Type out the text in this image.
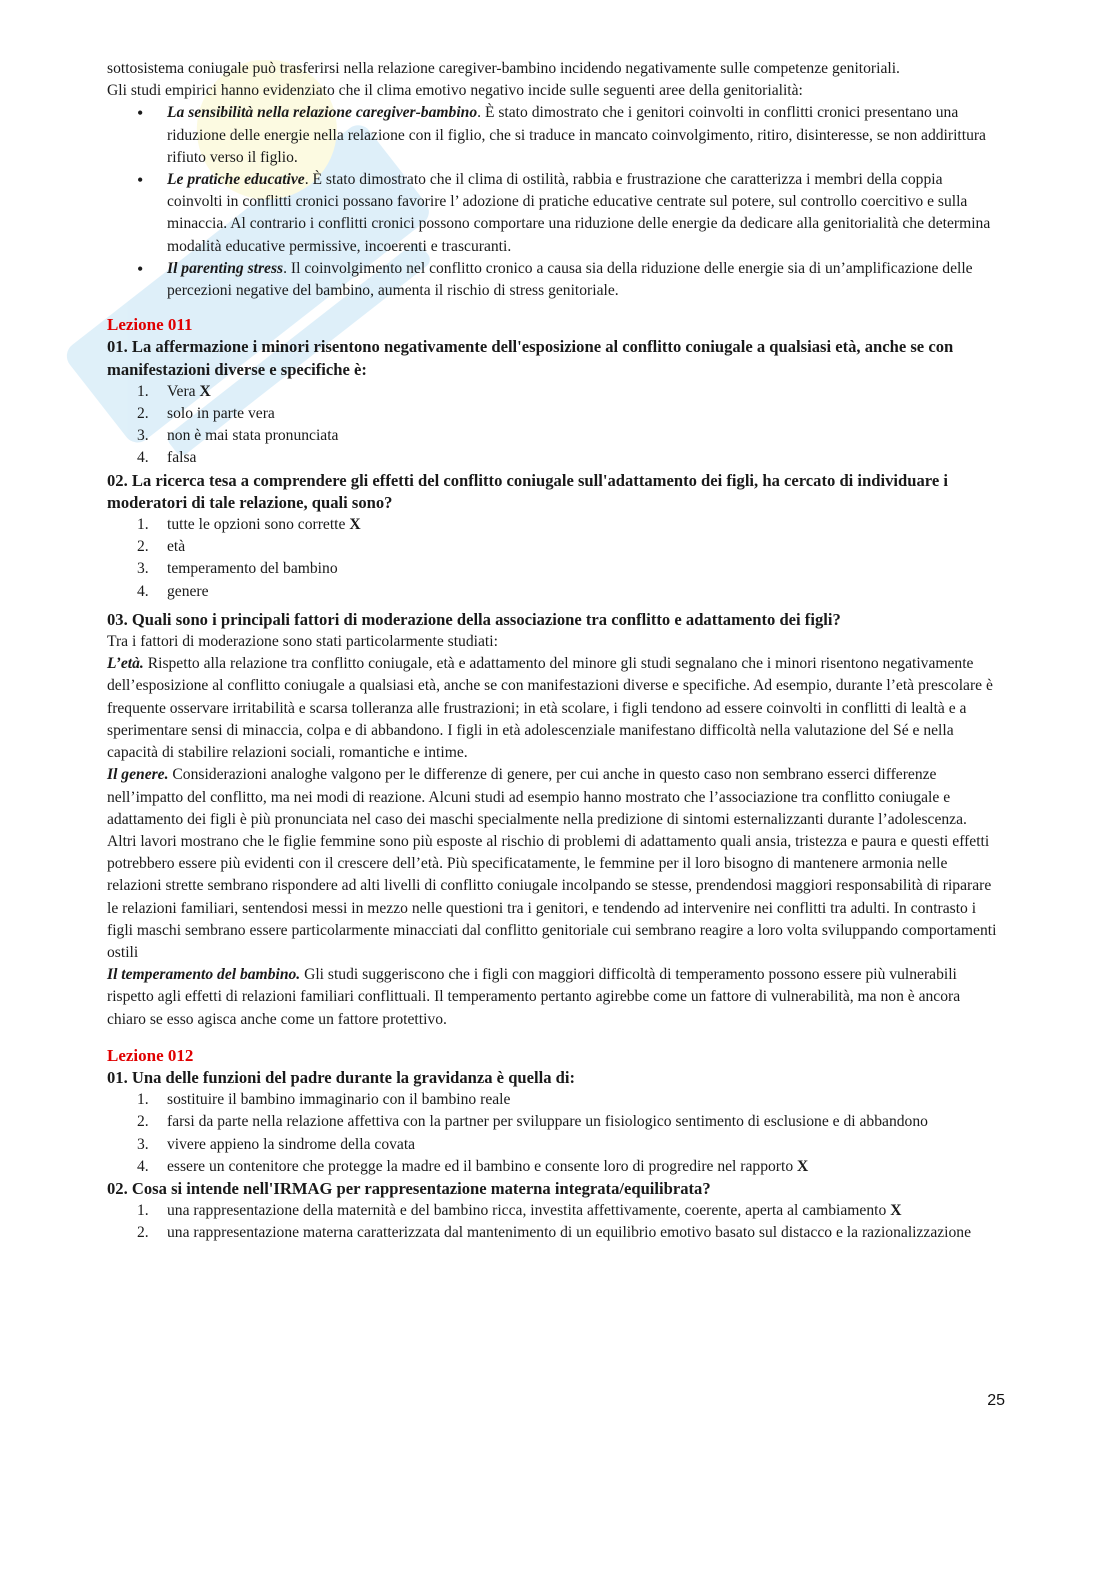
sottosistema coniugale può trasferirsi nella relazione caregiver-bambino incidendo negativamente sulle competenze genitoriali.

Gli studi empirici hanno evidenziato che il clima emotivo negativo incide sulle seguenti aree della genitorialità:

• La sensibilità nella relazione caregiver-bambino. È stato dimostrato che i genitori coinvolti in conflitti cronici presentano una riduzione delle energie nella relazione con il figlio, che si traduce in mancato coinvolgimento, ritiro, disinteresse, se non addirittura rifiuto verso il figlio.
• Le pratiche educative. È stato dimostrato che il clima di ostilità, rabbia e frustrazione che caratterizza i membri della coppia coinvolti in conflitti cronici possano favorire l’ adozione di pratiche educative centrate sul potere, sul controllo coercitivo e sulla minaccia. Al contrario i conflitti cronici possono comportare una riduzione delle energie da dedicare alla genitorialità che determina modalità educative permissive, incoerenti e trascuranti.
• Il parenting stress. Il coinvolgimento nel conflitto cronico a causa sia della riduzione delle energie sia di un’amplificazione delle percezioni negative del bambino, aumenta il rischio di stress genitoriale.

Lezione 011

01. La affermazione i minori risentono negativamente dell'esposizione al conflitto coniugale a qualsiasi età, anche se con manifestazioni diverse e specifiche è:

1. Vera X
2. solo in parte vera
3. non è mai stata pronunciata
4. falsa

02. La ricerca tesa a comprendere gli effetti del conflitto coniugale sull'adattamento dei figli, ha cercato di individuare i moderatori di tale relazione, quali sono?

1. tutte le opzioni sono corrette X
2. età
3. temperamento del bambino
4. genere

03. Quali sono i principali fattori di moderazione della associazione tra conflitto e adattamento dei figli?

Tra i fattori di moderazione sono stati particolarmente studiati:

L’età. Rispetto alla relazione tra conflitto coniugale, età e adattamento del minore gli studi segnalano che i minori risentono negativamente dell’esposizione al conflitto coniugale a qualsiasi età, anche se con manifestazioni diverse e specifiche. Ad esempio, durante l’età prescolare è frequente osservare irritabilità e scarsa tolleranza alle frustrazioni; in età scolare, i figli tendono ad essere coinvolti in conflitti di lealtà e a sperimentare sensi di minaccia, colpa e di abbandono. I figli in età adolescenziale manifestano difficoltà nella valutazione del Sé e nella capacità di stabilire relazioni sociali, romantiche e intime.

Il genere. Considerazioni analoghe valgono per le differenze di genere, per cui anche in questo caso non sembrano esserci differenze nell’impatto del conflitto, ma nei modi di reazione. Alcuni studi ad esempio hanno mostrato che l’associazione tra conflitto coniugale e adattamento dei figli è più pronunciata nel caso dei maschi specialmente nella predizione di sintomi esternalizzanti durante l’adolescenza. Altri lavori mostrano che le figlie femmine sono più esposte al rischio di problemi di adattamento quali ansia, tristezza e paura e questi effetti potrebbero essere più evidenti con il crescere dell’età. Più specificatamente, le femmine per il loro bisogno di mantenere armonia nelle relazioni strette sembrano rispondere ad alti livelli di conflitto coniugale incolpando se stesse, prendendosi maggiori responsabilità di riparare le relazioni familiari, sentendosi messi in mezzo nelle questioni tra i genitori, e tendendo ad intervenire nei conflitti tra adulti. In contrasto i figli maschi sembrano essere particolarmente minacciati dal conflitto genitoriale cui sembrano reagire a loro volta sviluppando comportamenti ostili

Il temperamento del bambino. Gli studi suggeriscono che i figli con maggiori difficoltà di temperamento possono essere più vulnerabili rispetto agli effetti di relazioni familiari conflittuali. Il temperamento pertanto agirebbe come un fattore di vulnerabilità, ma non è ancora chiaro se esso agisca anche come un fattore protettivo.

Lezione 012

01. Una delle funzioni del padre durante la gravidanza è quella di:

1. sostituire il bambino immaginario con il bambino reale
2. farsi da parte nella relazione affettiva con la partner per sviluppare un fisiologico sentimento di esclusione e di abbandono
3. vivere appieno la sindrome della covata
4. essere un contenitore che protegge la madre ed il bambino e consente loro di progredire nel rapporto X

02. Cosa si intende nell'IRMAG per rappresentazione materna integrata/equilibrata?

1. una rappresentazione della maternità e del bambino ricca, investita affettivamente, coerente, aperta al cambiamento X
2. una rappresentazione materna caratterizzata dal mantenimento di un equilibrio emotivo basato sul distacco e la razionalizzazione
25
